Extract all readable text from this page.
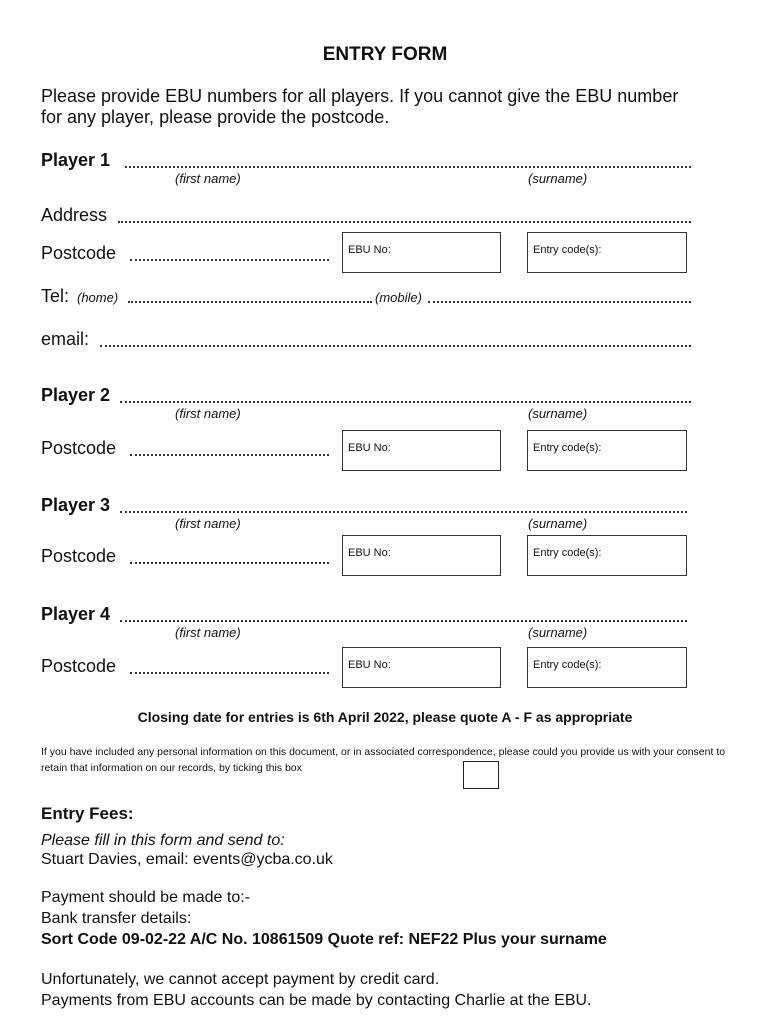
ENTRY FORM
Please provide EBU numbers for all players. If you cannot give the EBU number for any player, please provide the postcode.
Player 1
(first name)	(surname)
Address
Postcode	EBU No:	Entry code(s):
Tel: (home)	(mobile)
email:
Player 2
(first name)	(surname)
Postcode	EBU No:	Entry code(s):
Player 3
(first name)	(surname)
Postcode	EBU No:	Entry code(s):
Player 4
(first name)	(surname)
Postcode	EBU No:	Entry code(s):
Closing date for entries is 6th April 2022, please quote A - F as appropriate
If you have included any personal information on this document, or in associated correspondence, please could you provide us with your consent to retain that information on our records, by ticking this box
Entry Fees:
Please fill in this form and send to:
Stuart Davies, email: events@ycba.co.uk
Payment should be made to:-
Bank transfer details:
Sort Code 09-02-22 A/C No. 10861509 Quote ref: NEF22 Plus your surname
Unfortunately, we cannot accept payment by credit card.
Payments from EBU accounts can be made by contacting Charlie at the EBU.
